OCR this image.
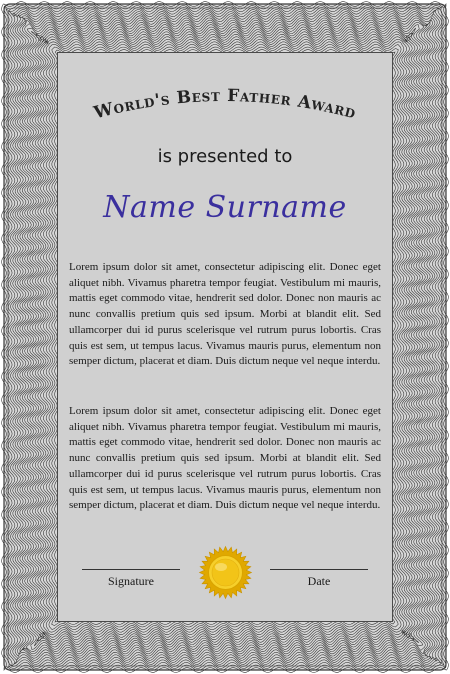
World's Best Father Award
is presented to
Name Surname
Lorem ipsum dolor sit amet, consectetur adipiscing elit. Donec eget aliquet nibh. Vivamus pharetra tempor feugiat. Vestibulum mi mauris, mattis eget commodo vitae, hendrerit sed dolor. Donec non mauris ac nunc convallis pretium quis sed ipsum. Morbi at blandit elit. Sed ullamcorper dui id purus scelerisque vel rutrum purus lobortis. Cras quis est sem, ut tempus lacus. Vivamus mauris purus, elementum non semper dictum, placerat et diam. Duis dictum neque vel neque interdu.
Lorem ipsum dolor sit amet, consectetur adipiscing elit. Donec eget aliquet nibh. Vivamus pharetra tempor feugiat. Vestibulum mi mauris, mattis eget commodo vitae, hendrerit sed dolor. Donec non mauris ac nunc convallis pretium quis sed ipsum. Morbi at blandit elit. Sed ullamcorper dui id purus scelerisque vel rutrum purus lobortis. Cras quis est sem, ut tempus lacus. Vivamus mauris purus, elementum non semper dictum, placerat et diam. Duis dictum neque vel neque interdu.
Signature	Date
